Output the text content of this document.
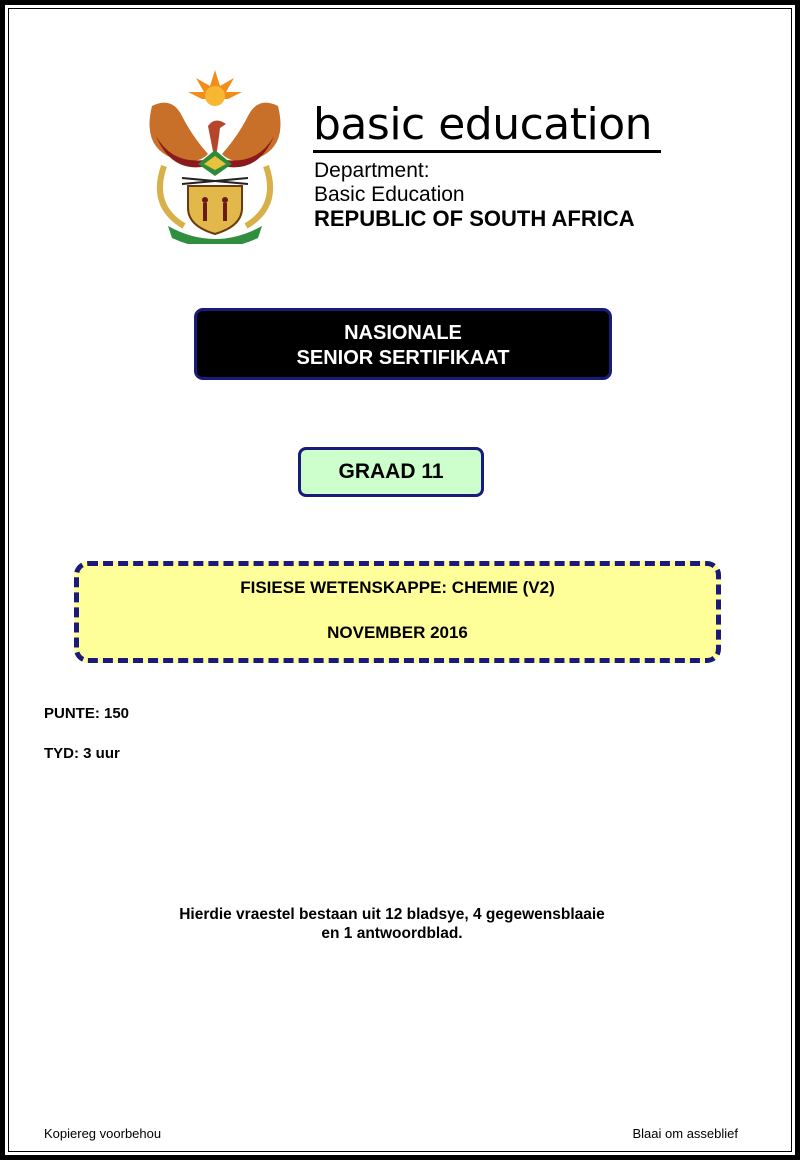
basic education
Department:
Basic Education
REPUBLIC OF SOUTH AFRICA
NASIONALE
SENIOR SERTIFIKAAT
GRAAD 11
FISIESE WETENSKAPPE: CHEMIE (V2)
NOVEMBER 2016
PUNTE: 150
TYD: 3 uur
Hierdie vraestel bestaan uit 12 bladsye, 4 gegewensblaaie
en 1 antwoordblad.
Kopiereg voorbehou	Blaai om asseblief
